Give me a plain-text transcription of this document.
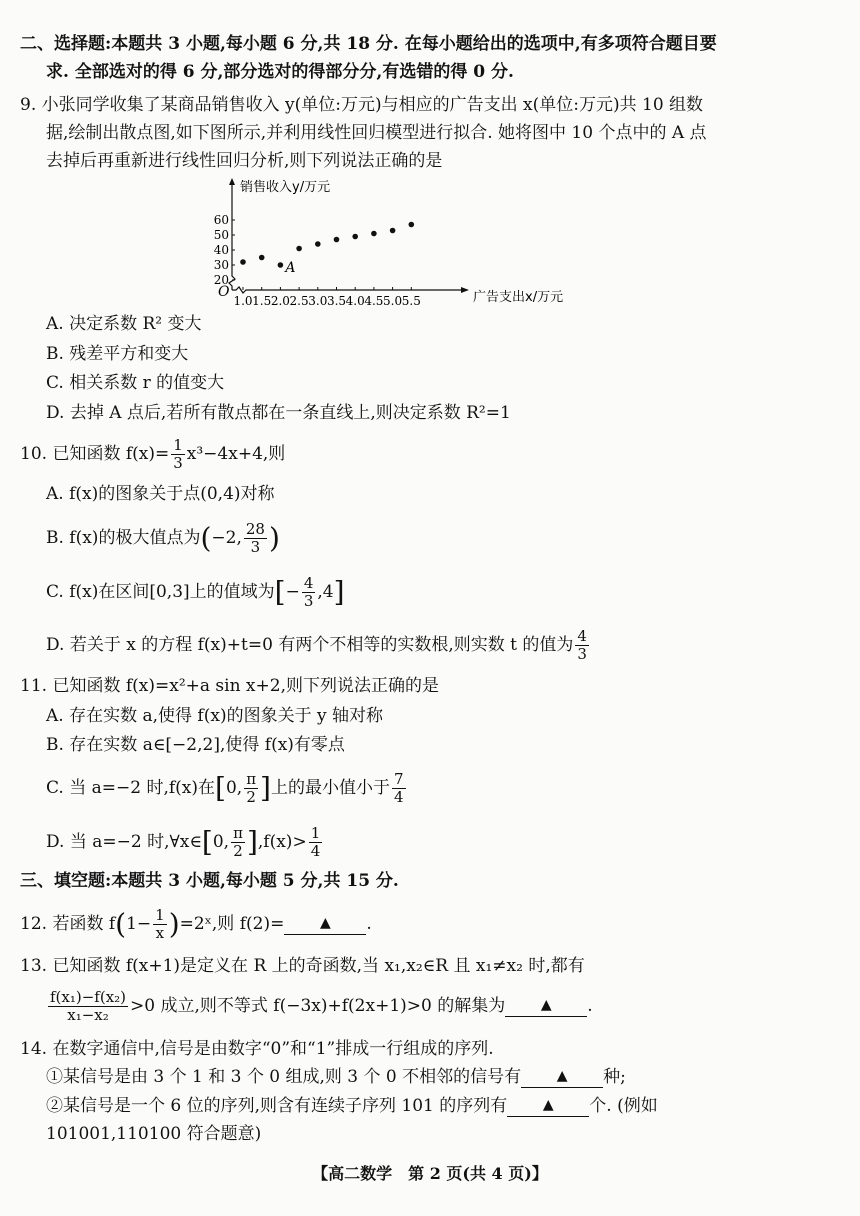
二、选择题:本题共 3 小题,每小题 6 分,共 18 分. 在每小题给出的选项中,有多项符合题目要
求. 全部选对的得 6 分,部分选对的得部分分,有选错的得 0 分.
9. 小张同学收集了某商品销售收入 y(单位:万元)与相应的广告支出 x(单位:万元)共 10 组数
据,绘制出散点图,如下图所示,并利用线性回归模型进行拟合. 她将图中 10 个点中的 A 点
去掉后再重新进行线性回归分析,则下列说法正确的是
20
30
40
50
60
1.0 1.5 2.0 2.5 3.0 3.5 4.0 4.5 5.0 5.5
A
销售收入y/万元
广告支出x/万元
O
A. 决定系数 R² 变大
B. 残差平方和变大
C. 相关系数 r 的值变大
D. 去掉 A 点后,若所有散点都在一条直线上,则决定系数 R²=1
10. 已知函数 $f(x)= \frac{1}{3} x^3-4x+4$,则
A. f(x)的图象关于点(0,4)对称
B. f(x)的极大值点为(−2, $\frac{28}{3}$ )
C. f(x)在区间[0,3]上的值域为[− $\frac{4}{3} ,4$]
D. 若关于 x 的方程 f(x)+t=0 有两个不相等的实数根,则实数 t 的值为 $\frac{4}{3}$
11. 已知函数 f(x)=x²+a sin x+2,则下列说法正确的是
A. 存在实数 a,使得 f(x)的图象关于 y 轴对称
B. 存在实数 a∈[−2,2],使得 f(x)有零点
C. 当 a=−2 时,f(x)在[0, $\frac{\pi}{2}$ ]上的最小值小于 $\frac{7}{4}$
D. 当 a=−2 时,∀x∈[0, $\frac{\pi}{2} ],f(x)> \frac{1}{4}$
三、填空题:本题共 3 小题,每小题 5 分,共 15 分.
12. 若函数 $f(1- \frac{1}{x}$ )=2ˣ,则 f(2)=	▲ .
13. 已知函数 f(x+1)是定义在 R 上的奇函数,当 x₁,x₂∈R 且 x₁≠x₂ 时,都有
$\frac{\text{f(x₁)−f(x₂)}}{\text{x₁−x₂}} >0$ 成立,则不等式 f(−3x)+f(2x+1)>0 的解集为	▲ .
14. 在数字通信中,信号是由数字“0”和“1”排成一行组成的序列.
①某信号是由 3 个 1 和 3 个 0 组成,则 3 个 0 不相邻的信号有	▲ 种;
②某信号是一个 6 位的序列,则含有连续子序列 101 的序列有	▲ 个. (例如
101001,110100 符合题意)
【高二数学　第 2 页(共 4 页)】
